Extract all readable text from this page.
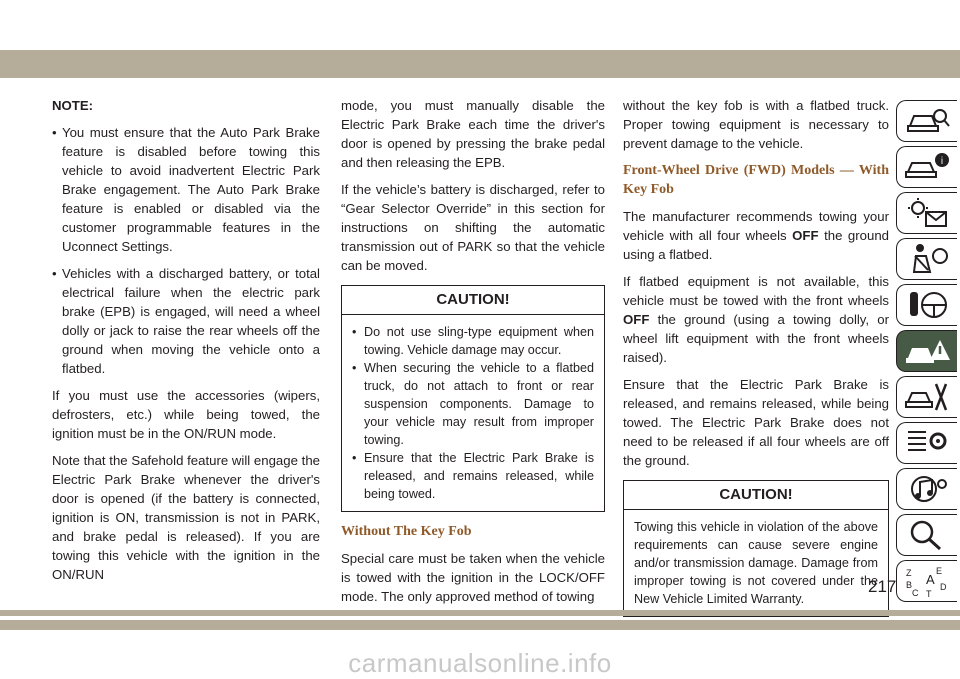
NOTE:

• You must ensure that the Auto Park Brake feature is disabled before towing this vehicle to avoid inadvertent Electric Park Brake engagement. The Auto Park Brake feature is enabled or disabled via the customer programmable features in the Uconnect Settings.
• Vehicles with a discharged battery, or total electrical failure when the electric park brake (EPB) is engaged, will need a wheel dolly or jack to raise the rear wheels off the ground when moving the vehicle onto a flatbed.

If you must use the accessories (wipers, defrosters, etc.) while being towed, the ignition must be in the ON/RUN mode.

Note that the Safehold feature will engage the Electric Park Brake whenever the driver's door is opened (if the battery is connected, ignition is ON, transmission is not in PARK, and brake pedal is released). If you are towing this vehicle with the ignition in the ON/RUN

mode, you must manually disable the Electric Park Brake each time the driver's door is opened by pressing the brake pedal and then releasing the EPB.

If the vehicle’s battery is discharged, refer to “Gear Selector Override” in this section for instructions on shifting the automatic transmission out of PARK so that the vehicle can be moved.

CAUTION!
• Do not use sling-type equipment when towing. Vehicle damage may occur.
• When securing the vehicle to a flatbed truck, do not attach to front or rear suspension components. Damage to your vehicle may result from improper towing.
• Ensure that the Electric Park Brake is released, and remains released, while being towed.
Without The Key Fob

Special care must be taken when the vehicle is towed with the ignition in the LOCK/OFF mode. The only approved method of towing

without the key fob is with a flatbed truck. Proper towing equipment is necessary to prevent damage to the vehicle.

Front-Wheel Drive (FWD) Models — With Key Fob

The manufacturer recommends towing your vehicle with all four wheels OFF the ground using a flatbed.

If flatbed equipment is not available, this vehicle must be towed with the front wheels OFF the ground (using a towing dolly, or wheel lift equipment with the front wheels raised).

Ensure that the Electric Park Brake is released, and remains released, while being towed. The Electric Park Brake does not need to be released if all four wheels are off the ground.

CAUTION!
Towing this vehicle in violation of the above requirements can cause severe engine and/or transmission damage. Damage from improper towing is not covered under the New Vehicle Limited Warranty.
i
Z	E
B A
C
D
T
217
carmanualsonline.info
